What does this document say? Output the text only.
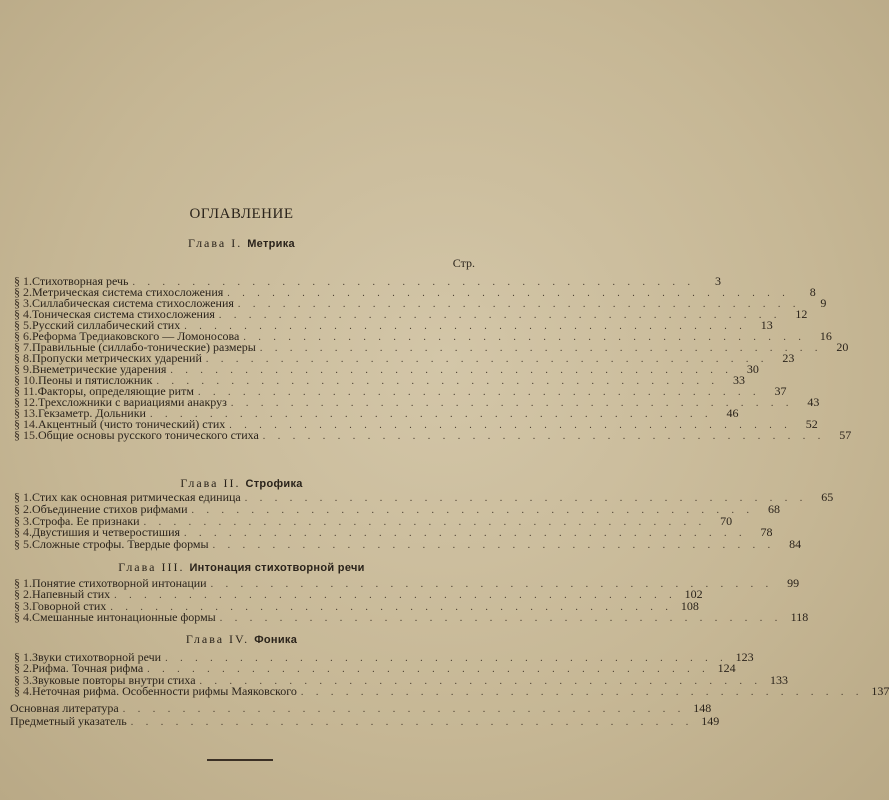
ОГЛАВЛЕНИЕ
Глава I. Метрика
Стр.
§ 1. Стихотворная речь . . . . . . . . . . . . . . . . . . . . . . . . . . . . . . . . . . . . . .	3
§ 2. Метрическая система стихосложения . . . . . . . . . . . . . . . . . . . . . . . . . . . . . . . . . . . . . .	8
§ 3. Силлабическая система стихосложения . . . . . . . . . . . . . . . . . . . . . . . . . . . . . . . . . . . . . .	9
§ 4. Тоническая система стихосложения . . . . . . . . . . . . . . . . . . . . . . . . . . . . . . . . . . . . . .	12
§ 5. Русский силлабический стих . . . . . . . . . . . . . . . . . . . . . . . . . . . . . . . . . . . . . .	13
§ 6. Реформа Тредиаковского — Ломоносова . . . . . . . . . . . . . . . . . . . . . . . . . . . . . . . . . . . . . .	16
§ 7. Правильные (силлабо-тонические) размеры . . . . . . . . . . . . . . . . . . . . . . . . . . . . . . . . . . . . . .	20
§ 8. Пропуски метрических ударений . . . . . . . . . . . . . . . . . . . . . . . . . . . . . . . . . . . . . .	23
§ 9. Внеметрические ударения . . . . . . . . . . . . . . . . . . . . . . . . . . . . . . . . . . . . . .	30
§ 10. Пеоны и пятисложник . . . . . . . . . . . . . . . . . . . . . . . . . . . . . . . . . . . . . .	33
§ 11. Факторы, определяющие ритм . . . . . . . . . . . . . . . . . . . . . . . . . . . . . . . . . . . . . .	37
§ 12. Трехсложники с вариациями анакруз . . . . . . . . . . . . . . . . . . . . . . . . . . . . . . . . . . . . . .	43
§ 13. Гекзаметр. Дольники . . . . . . . . . . . . . . . . . . . . . . . . . . . . . . . . . . . . . .	46
§ 14. Акцентный (чисто тонический) стих . . . . . . . . . . . . . . . . . . . . . . . . . . . . . . . . . . . . . .	52
§ 15. Общие основы русского тонического стиха . . . . . . . . . . . . . . . . . . . . . . . . . . . . . . . . . . . . . .	57
Глава II. Строфика
§ 1. Стих как основная ритмическая единица . . . . . . . . . . . . . . . . . . . . . . . . . . . . . . . . . . . . . .	65
§ 2. Объединение стихов рифмами . . . . . . . . . . . . . . . . . . . . . . . . . . . . . . . . . . . . . .	68
§ 3. Строфа. Ее признаки . . . . . . . . . . . . . . . . . . . . . . . . . . . . . . . . . . . . . .	70
§ 4. Двустишия и четверостишия . . . . . . . . . . . . . . . . . . . . . . . . . . . . . . . . . . . . . .	78
§ 5. Сложные строфы. Твердые формы . . . . . . . . . . . . . . . . . . . . . . . . . . . . . . . . . . . . . .	84
Глава III. Интонация стихотворной речи
§ 1. Понятие стихотворной интонации . . . . . . . . . . . . . . . . . . . . . . . . . . . . . . . . . . . . . .	99
§ 2. Напевный стих . . . . . . . . . . . . . . . . . . . . . . . . . . . . . . . . . . . . . . 102
§ 3. Говорной стих . . . . . . . . . . . . . . . . . . . . . . . . . . . . . . . . . . . . . . 108
§ 4. Смешанные интонационные формы . . . . . . . . . . . . . . . . . . . . . . . . . . . . . . . . . . . . . . 118
Глава IV. Фоника
§ 1. Звуки стихотворной речи . . . . . . . . . . . . . . . . . . . . . . . . . . . . . . . . . . . . . . 123
§ 2. Рифма. Точная рифма . . . . . . . . . . . . . . . . . . . . . . . . . . . . . . . . . . . . . . 124
§ 3. Звуковые повторы внутри стиха . . . . . . . . . . . . . . . . . . . . . . . . . . . . . . . . . . . . . . 133
§ 4. Неточная рифма. Особенности рифмы Маяковского . . . . . . . . . . . . . . . . . . . . . . . . . . . . . . . . . . . . . . 137
Основная литература . . . . . . . . . . . . . . . . . . . . . . . . . . . . . . . . . . . . . . 148
Предметный указатель . . . . . . . . . . . . . . . . . . . . . . . . . . . . . . . . . . . . . . 149
